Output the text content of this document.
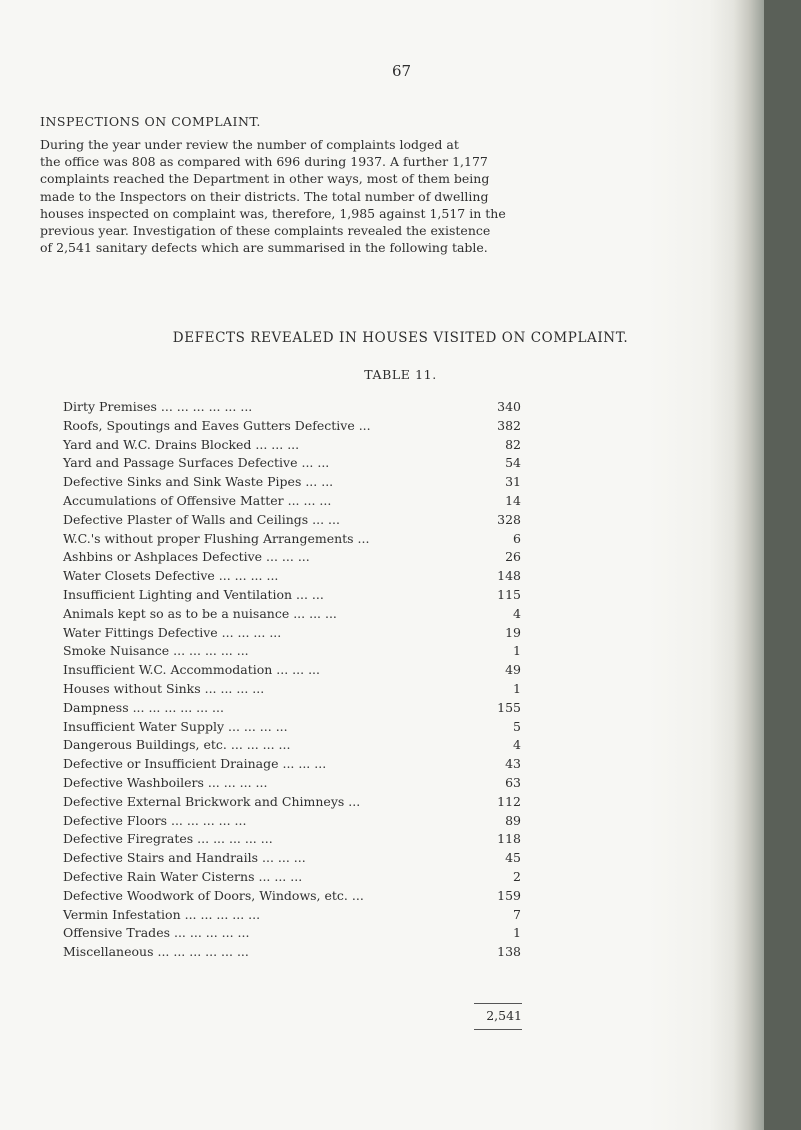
67
INSPECTIONS ON COMPLAINT.

During the year under review the number of complaints lodged at
the office was 808 as compared with 696 during 1937. A further 1,177
complaints reached the Department in other ways, most of them being
made to the Inspectors on their districts. The total number of dwelling
houses inspected on complaint was, therefore, 1,985 against 1,517 in the
previous year. Investigation of these complaints revealed the existence
of 2,541 sanitary defects which are summarised in the following table.

DEFECTS REVEALED IN HOUSES VISITED ON COMPLAINT.
TABLE 11.
Dirty Premises ... ... ... ... ... ...	340
Roofs, Spoutings and Eaves Gutters Defective ...	382
Yard and W.C. Drains Blocked ... ... ...	82
Yard and Passage Surfaces Defective ... ...	54
Defective Sinks and Sink Waste Pipes ... ...	31
Accumulations of Offensive Matter ... ... ...	14
Defective Plaster of Walls and Ceilings ... ...	328
W.C.'s without proper Flushing Arrangements ...	6
Ashbins or Ashplaces Defective ... ... ...	26
Water Closets Defective ... ... ... ...	148
Insufficient Lighting and Ventilation ... ...	115
Animals kept so as to be a nuisance ... ... ...	4
Water Fittings Defective ... ... ... ...	19
Smoke Nuisance ... ... ... ... ...	1
Insufficient W.C. Accommodation ... ... ...	49
Houses without Sinks ... ... ... ...	1
Dampness ... ... ... ... ... ...	155
Insufficient Water Supply ... ... ... ...	5
Dangerous Buildings, etc. ... ... ... ...	4
Defective or Insufficient Drainage ... ... ...	43
Defective Washboilers ... ... ... ...	63
Defective External Brickwork and Chimneys ...	112
Defective Floors ... ... ... ... ...	89
Defective Firegrates ... ... ... ... ...	118
Defective Stairs and Handrails ... ... ...	45
Defective Rain Water Cisterns ... ... ...	2
Defective Woodwork of Doors, Windows, etc. ...	159
Vermin Infestation ... ... ... ... ...	7
Offensive Trades ... ... ... ... ...	1
Miscellaneous ... ... ... ... ... ...	138
2,541
